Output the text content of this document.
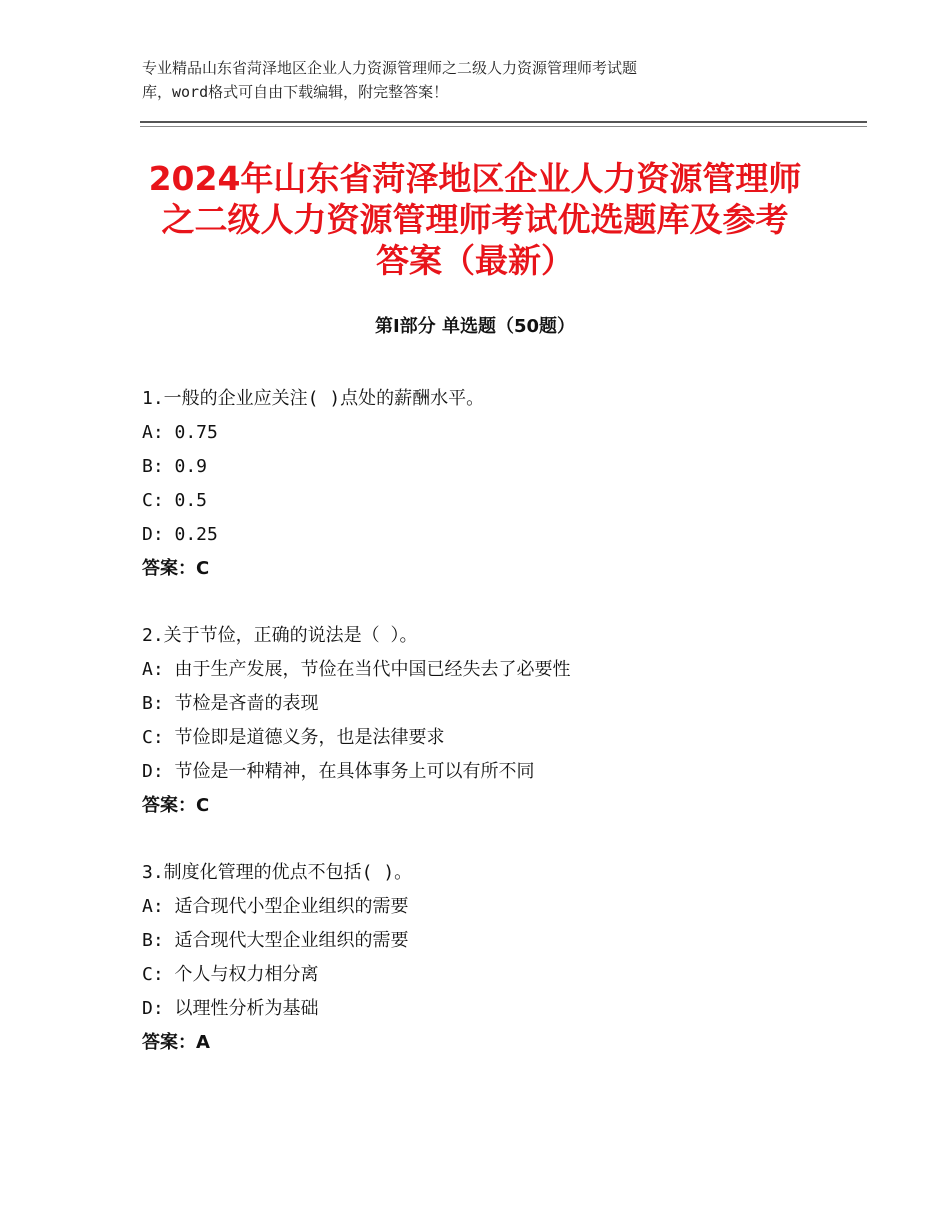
专业精品山东省菏泽地区企业人力资源管理师之二级人力资源管理师考试题
库，word格式可自由下载编辑，附完整答案！
2024年山东省菏泽地区企业人力资源管理师
之二级人力资源管理师考试优选题库及参考
答案（最新）
第Ⅰ部分 单选题（50题）
1.一般的企业应关注( )点处的薪酬水平。
A: 0.75
B: 0.9
C: 0.5
D: 0.25
答案：C
2.关于节俭，正确的说法是（ ）。
A: 由于生产发展，节俭在当代中国已经失去了必要性
B: 节检是吝啬的表现
C: 节俭即是道德义务，也是法律要求
D: 节俭是一种精神，在具体事务上可以有所不同
答案：C
3.制度化管理的优点不包括( )。
A: 适合现代小型企业组织的需要
B: 适合现代大型企业组织的需要
C: 个人与权力相分离
D: 以理性分析为基础
答案：A
